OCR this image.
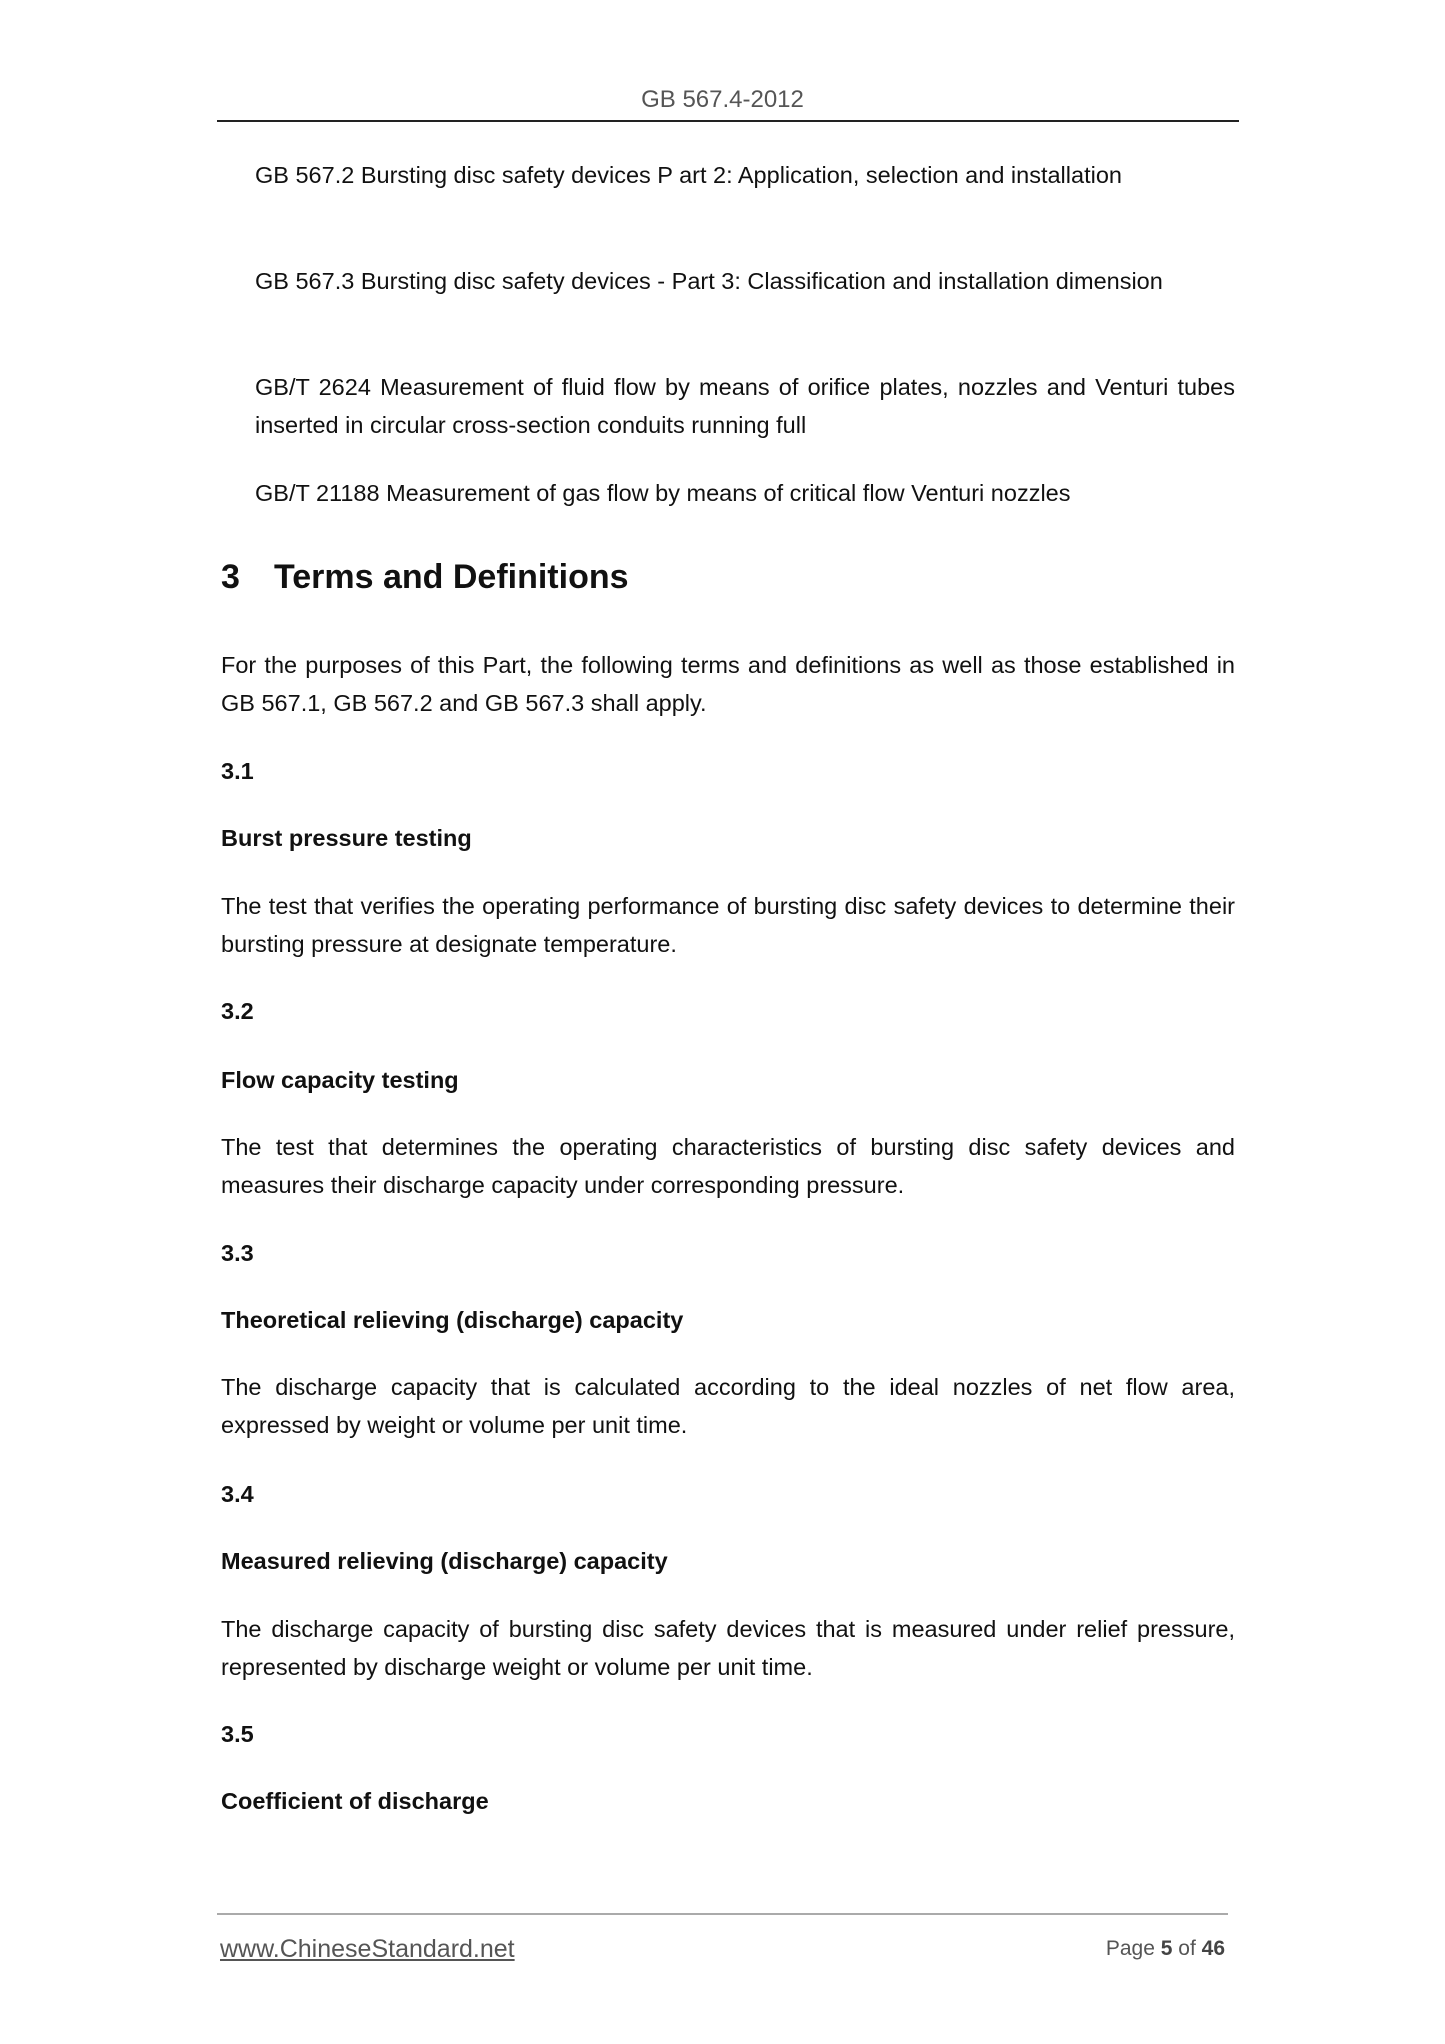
GB 567.4-2012
GB 567.2 Bursting disc safety devices P art 2: Application, selection and installation
GB 567.3 Bursting disc safety devices - Part 3: Classification and installation dimension
GB/T 2624 Measurement of fluid flow by means of orifice plates, nozzles and Venturi tubes inserted in circular cross-section conduits running full
GB/T 21188 Measurement of gas flow by means of critical flow Venturi nozzles
3 Terms and Definitions
For the purposes of this Part, the following terms and definitions as well as those established in GB 567.1, GB 567.2 and GB 567.3 shall apply.
3.1
Burst pressure testing
The test that verifies the operating performance of bursting disc safety devices to determine their bursting pressure at designate temperature.
3.2
Flow capacity testing
The test that determines the operating characteristics of bursting disc safety devices and measures their discharge capacity under corresponding pressure.
3.3
Theoretical relieving (discharge) capacity
The discharge capacity that is calculated according to the ideal nozzles of net flow area, expressed by weight or volume per unit time.
3.4
Measured relieving (discharge) capacity
The discharge capacity of bursting disc safety devices that is measured under relief pressure, represented by discharge weight or volume per unit time.
3.5
Coefficient of discharge
www.ChineseStandard.net	Page 5 of 46
